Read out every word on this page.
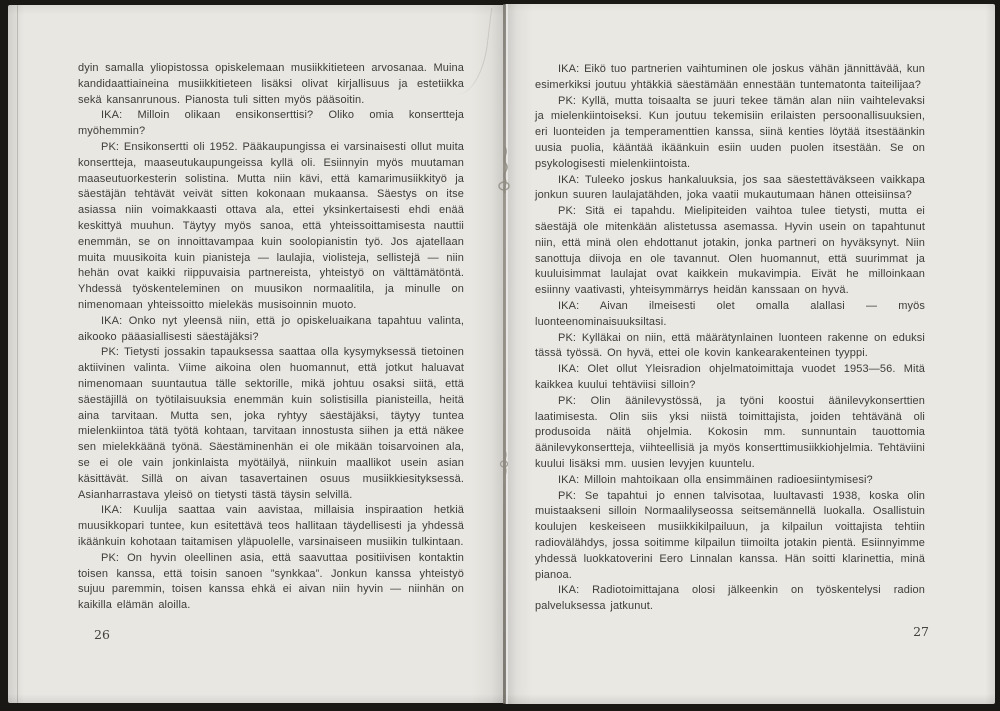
dyin samalla yliopistossa opiskelemaan musiikkitieteen arvosanaa. Muina kandidaattiaineina musiikkitieteen lisäksi olivat kirjallisuus ja estetiikka sekä kansanrunous. Pianosta tuli sitten myös pääsoitin.

IKA: Milloin olikaan ensikonserttisi? Oliko omia konsertteja myöhemmin?

PK: Ensikonsertti oli 1952. Pääkaupungissa ei varsinaisesti ollut muita konsertteja, maaseutukaupungeissa kyllä oli. Esiinnyin myös muutaman maaseutuorkesterin solistina. Mutta niin kävi, että kamarimusiikkityö ja säestäjän tehtävät veivät sitten kokonaan mukaansa. Säestys on itse asiassa niin voimakkaasti ottava ala, ettei yksinkertaisesti ehdi enää keskittyä muuhun. Täytyy myös sanoa, että yhteissoittamisesta nauttii enemmän, se on innoittavampaa kuin soolopianistin työ. Jos ajatellaan muita muusikoita kuin pianisteja — laulajia, violisteja, sellistejä — niin hehän ovat kaikki riippuvaisia partnereista, yhteistyö on välttämätöntä. Yhdessä työskenteleminen on muusikon normaalitila, ja minulle on nimenomaan yhteissoitto mielekäs musisoinnin muoto.

IKA: Onko nyt yleensä niin, että jo opiskeluaikana tapahtuu valinta, aikooko pääasiallisesti säestäjäksi?

PK: Tietysti jossakin tapauksessa saattaa olla kysymyksessä tietoinen aktiivinen valinta. Viime aikoina olen huomannut, että jotkut haluavat nimenomaan suuntautua tälle sektorille, mikä johtuu osaksi siitä, että säestäjillä on työtilaisuuksia enemmän kuin solistisilla pianisteilla, heitä aina tarvitaan. Mutta sen, joka ryhtyy säestäjäksi, täytyy tuntea mielenkiintoa tätä työtä kohtaan, tarvitaan innostusta siihen ja että näkee sen mielekkäänä työnä. Säestäminenhän ei ole mikään toisarvoinen ala, se ei ole vain jonkinlaista myötäilyä, niinkuin maallikot usein asian käsittävät. Sillä on aivan tasavertainen osuus musiikkiesityksessä. Asianharrastava yleisö on tietysti tästä täysin selvillä.

IKA: Kuulija saattaa vain aavistaa, millaisia inspiraation hetkiä muusikkopari tuntee, kun esitettävä teos hallitaan täydellisesti ja yhdessä ikäänkuin kohotaan taitamisen yläpuolelle, varsinaiseen musiikin tulkintaan.

PK: On hyvin oleellinen asia, että saavuttaa positiivisen kontaktin toisen kanssa, että toisin sanoen ”synkkaa”. Jonkun kanssa yhteistyö sujuu paremmin, toisen kanssa ehkä ei aivan niin hyvin — niinhän on kaikilla elämän aloilla.

26

IKA: Eikö tuo partnerien vaihtuminen ole joskus vähän jännittävää, kun esimerkiksi joutuu yhtäkkiä säestämään ennestään tuntematonta taiteilijaa?

PK: Kyllä, mutta toisaalta se juuri tekee tämän alan niin vaihtelevaksi ja mielenkiintoiseksi. Kun joutuu tekemisiin erilaisten persoonallisuuksien, eri luonteiden ja temperamenttien kanssa, siinä kenties löytää itsestäänkin uusia puolia, kääntää ikäänkuin esiin uuden puolen itsestään. Se on psykologisesti mielenkiintoista.

IKA: Tuleeko joskus hankaluuksia, jos saa säestettäväkseen vaikkapa jonkun suuren laulajatähden, joka vaatii mukautumaan hänen otteisiinsa?

PK: Sitä ei tapahdu. Mielipiteiden vaihtoa tulee tietysti, mutta ei säestäjä ole mitenkään alistetussa asemassa. Hyvin usein on tapahtunut niin, että minä olen ehdottanut jotakin, jonka partneri on hyväksynyt. Niin sanottuja diivoja en ole tavannut. Olen huomannut, että suurimmat ja kuuluisimmat laulajat ovat kaikkein mukavimpia. Eivät he milloinkaan esiinny vaativasti, yhteisymmärrys heidän kanssaan on hyvä.

IKA: Aivan ilmeisesti olet omalla alallasi — myös luonteenominaisuuksiltasi.

PK: Kylläkai on niin, että määrätynlainen luonteen rakenne on eduksi tässä työssä. On hyvä, ettei ole kovin kankearakenteinen tyyppi.

IKA: Olet ollut Yleisradion ohjelmatoimittaja vuodet 1953—56. Mitä kaikkea kuului tehtäviisi silloin?

PK: Olin äänilevystössä, ja työni koostui äänilevykonserttien laatimisesta. Olin siis yksi niistä toimittajista, joiden tehtävänä oli produsoida näitä ohjelmia. Kokosin mm. sunnuntain tauottomia äänilevykonsertteja, viihteellisiä ja myös konserttimusiikkiohjelmia. Tehtäviini kuului lisäksi mm. uusien levyjen kuuntelu.

IKA: Milloin mahtoikaan olla ensimmäinen radioesiintymisesi?

PK: Se tapahtui jo ennen talvisotaa, luultavasti 1938, koska olin muistaakseni silloin Normaalilyseossa seitsemännellä luokalla. Osallistuin koulujen keskeiseen musiikkikilpailuun, ja kilpailun voittajista tehtiin radiovälähdys, jossa soitimme kilpailun tiimoilta jotakin pientä. Esiinnyimme yhdessä luokkatoverini Eero Linnalan kanssa. Hän soitti klarinettia, minä pianoa.

IKA: Radiotoimittajana olosi jälkeenkin on työskentelysi radion palveluksessa jatkunut.

27
